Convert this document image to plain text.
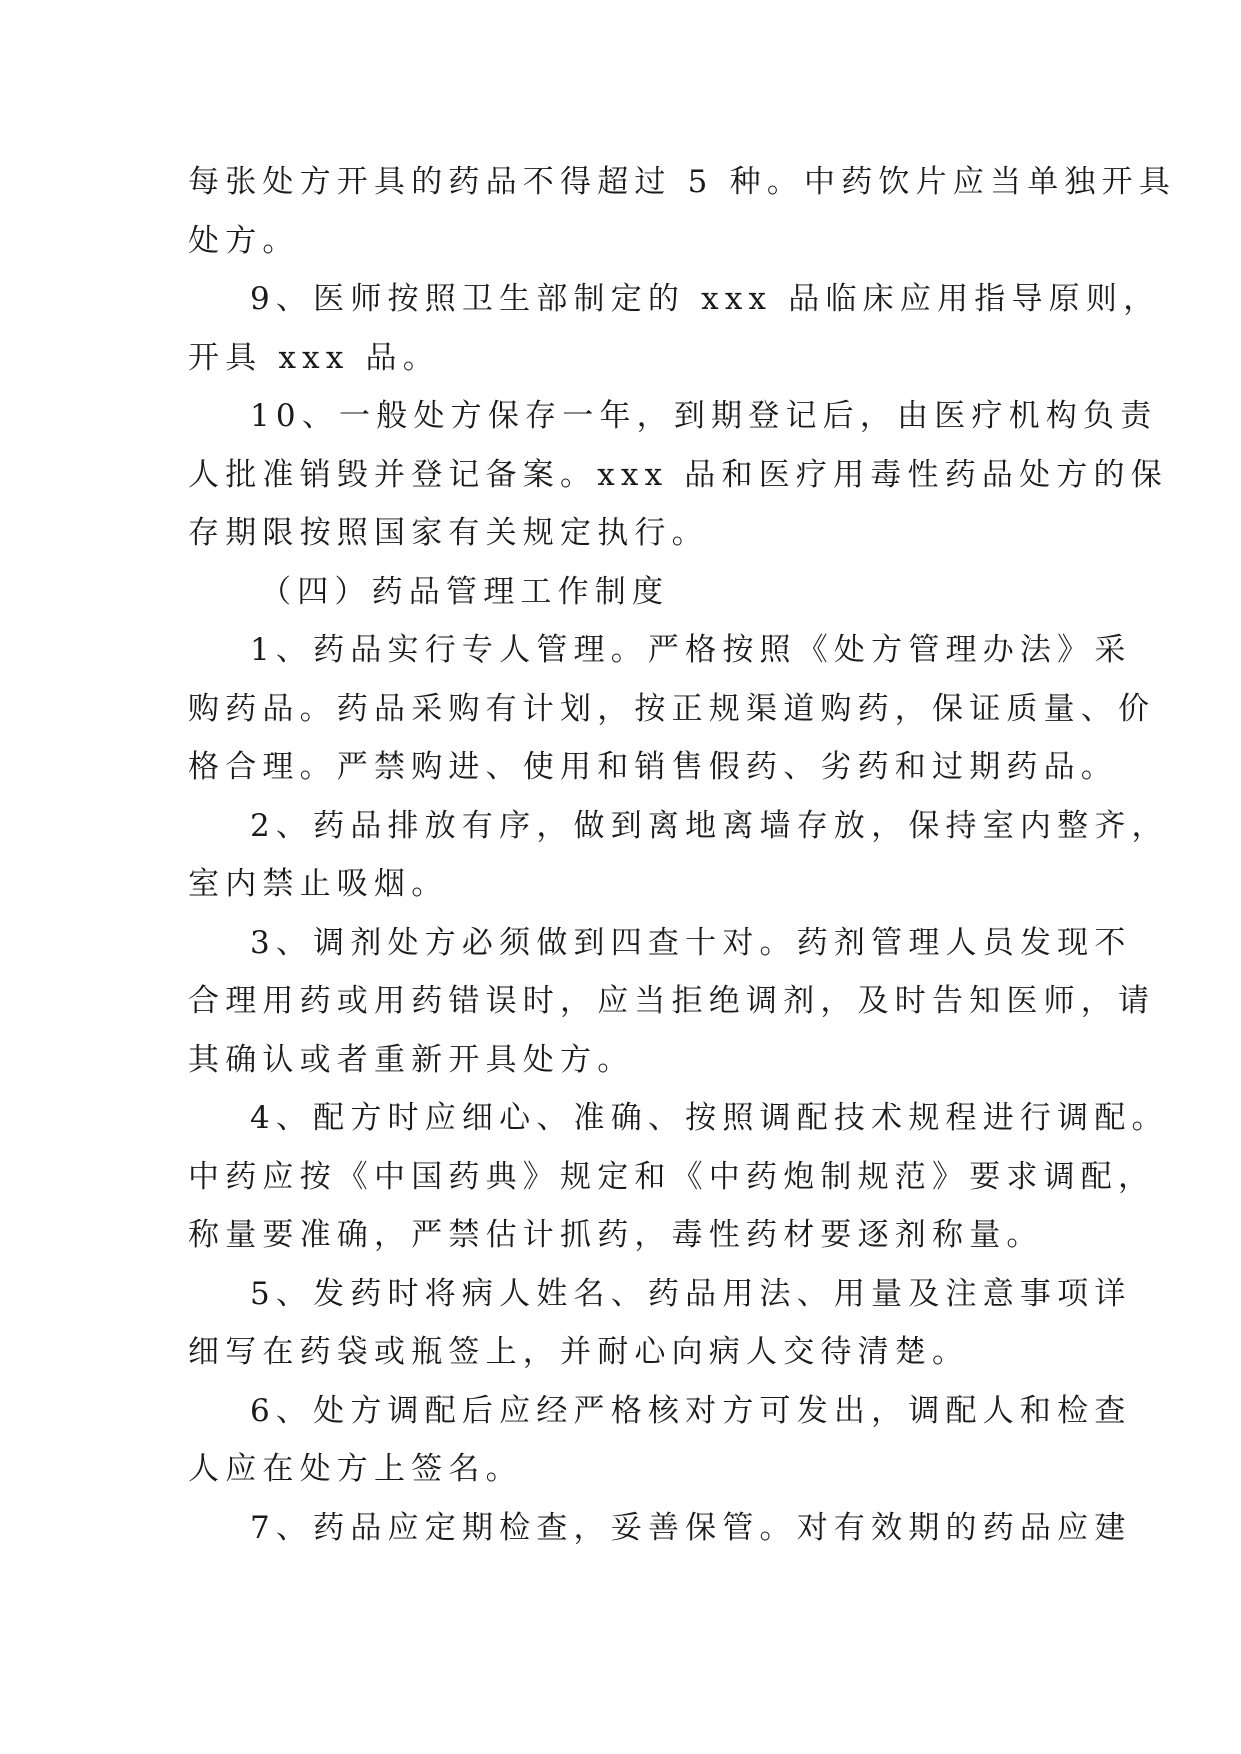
每张处方开具的药品不得超过 5 种。中药饮片应当单独开具

处方。

9、医师按照卫生部制定的 xxx 品临床应用指导原则，

开具 xxx 品。

10、一般处方保存一年，到期登记后，由医疗机构负责

人批准销毁并登记备案。xxx 品和医疗用毒性药品处方的保

存期限按照国家有关规定执行。

（四）药品管理工作制度

1、药品实行专人管理。严格按照《处方管理办法》采

购药品。药品采购有计划，按正规渠道购药，保证质量、价

格合理。严禁购进、使用和销售假药、劣药和过期药品。

2、药品排放有序，做到离地离墙存放，保持室内整齐，

室内禁止吸烟。

3、调剂处方必须做到四查十对。药剂管理人员发现不

合理用药或用药错误时，应当拒绝调剂，及时告知医师，请

其确认或者重新开具处方。

4、配方时应细心、准确、按照调配技术规程进行调配。

中药应按《中国药典》规定和《中药炮制规范》要求调配，

称量要准确，严禁估计抓药，毒性药材要逐剂称量。

5、发药时将病人姓名、药品用法、用量及注意事项详

细写在药袋或瓶签上，并耐心向病人交待清楚。

6、处方调配后应经严格核对方可发出，调配人和检查

人应在处方上签名。

7、药品应定期检查，妥善保管。对有效期的药品应建
